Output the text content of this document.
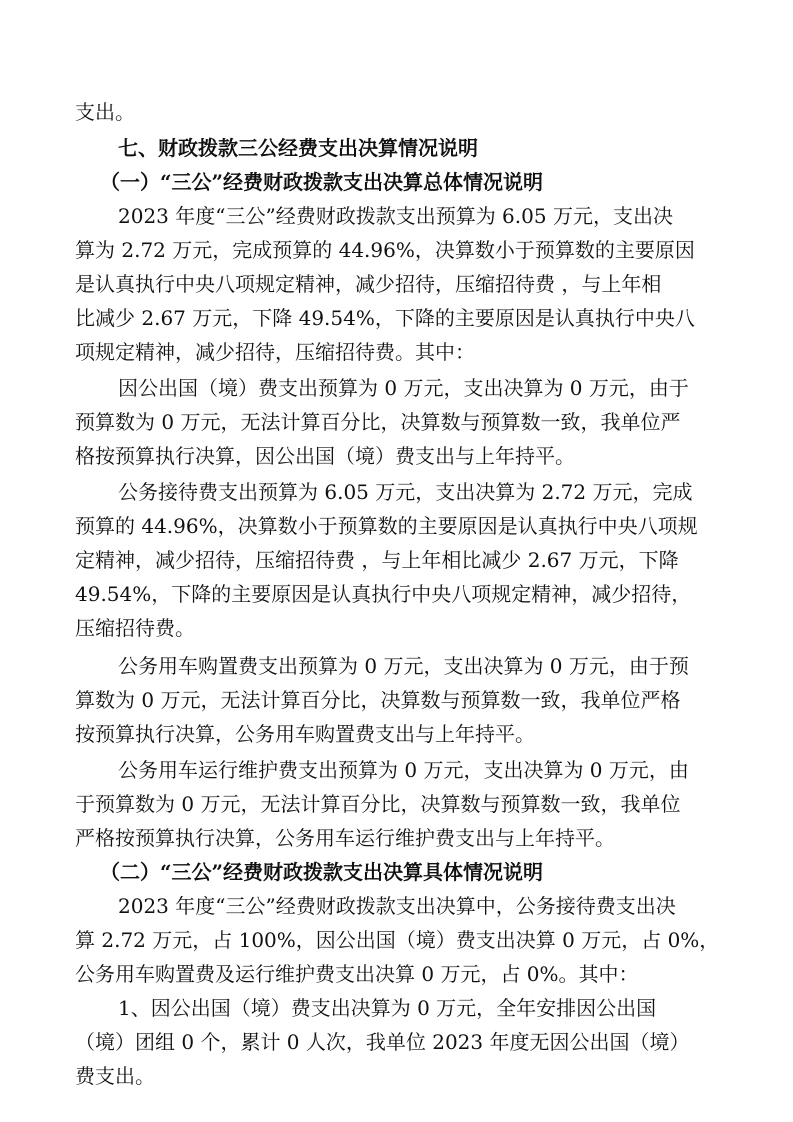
支出。
七、财政拨款三公经费支出决算情况说明
（一）“三公”经费财政拨款支出决算总体情况说明
2023 年度“三公”经费财政拨款支出预算为 6.05 万元，支出决
算为 2.72 万元，完成预算的 44.96%，决算数小于预算数的主要原因
是认真执行中央八项规定精神，减少招待，压缩招待费 ，与上年相
比减少 2.67 万元，下降 49.54%，下降的主要原因是认真执行中央八
项规定精神，减少招待，压缩招待费。其中：
因公出国（境）费支出预算为 0 万元，支出决算为 0 万元，由于
预算数为 0 万元，无法计算百分比，决算数与预算数一致，我单位严
格按预算执行决算，因公出国（境）费支出与上年持平。
公务接待费支出预算为 6.05 万元，支出决算为 2.72 万元，完成
预算的 44.96%，决算数小于预算数的主要原因是认真执行中央八项规
定精神，减少招待，压缩招待费 ，与上年相比减少 2.67 万元，下降
49.54%，下降的主要原因是认真执行中央八项规定精神，减少招待，
压缩招待费。
公务用车购置费支出预算为 0 万元，支出决算为 0 万元，由于预
算数为 0 万元，无法计算百分比，决算数与预算数一致，我单位严格
按预算执行决算，公务用车购置费支出与上年持平。
公务用车运行维护费支出预算为 0 万元，支出决算为 0 万元，由
于预算数为 0 万元，无法计算百分比，决算数与预算数一致，我单位
严格按预算执行决算，公务用车运行维护费支出与上年持平。
（二）“三公”经费财政拨款支出决算具体情况说明
2023 年度“三公”经费财政拨款支出决算中，公务接待费支出决
算 2.72 万元，占 100%，因公出国（境）费支出决算 0 万元，占 0%，
公务用车购置费及运行维护费支出决算 0 万元，占 0%。其中：
1、因公出国（境）费支出决算为 0 万元，全年安排因公出国
（境）团组 0 个，累计 0 人次，我单位 2023 年度无因公出国（境）
费支出。
